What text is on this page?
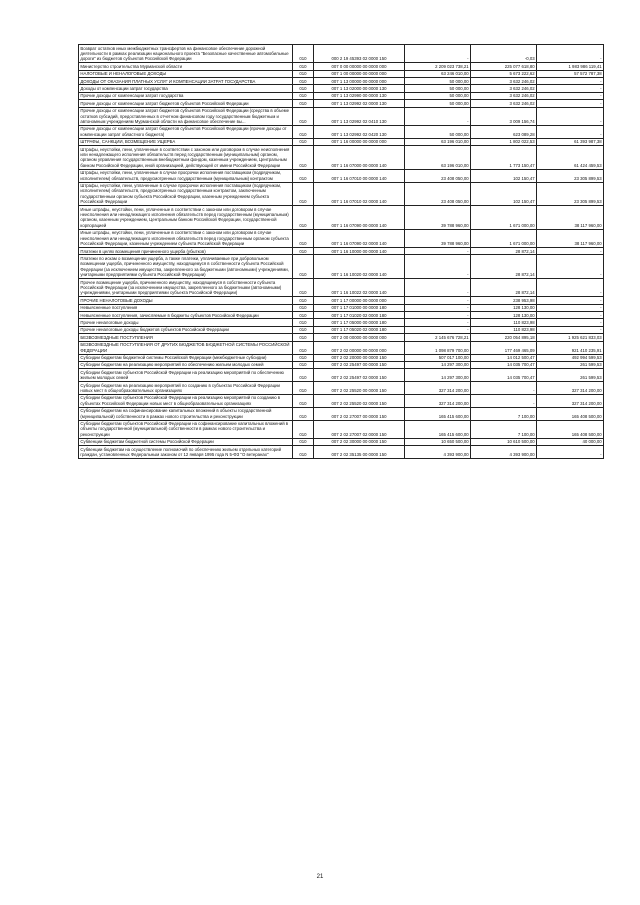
Возврат остатков иных межбюджетных трансфертов на финансовое обеспечение дорожной деятельности в рамках реализации национального проекта "Безопасные качественные автомобильные дороги" из бюджетов субъектов Российской Федерации	010	000 2 19 45393 02 0000 150	-	-0,03	-
Министерство строительства Мурманской области	010	007 0 00 00000 00 0000 000	2 209 023 738,21	225 077 618,80	1 983 986 119,41
НАЛОГОВЫЕ И НЕНАЛОГОВЫЕ ДОХОДЫ	010	007 1 00 00000 00 0000 000	63 246 010,00	5 673 222,62	57 572 787,38
ДОХОДЫ ОТ ОКАЗАНИЯ ПЛАТНЫХ УСЛУГ И КОМПЕНСАЦИИ ЗАТРАТ ГОСУДАРСТВА	010	007 1 13 00000 00 0000 000	50 000,00	3 632 246,02	-
Доходы от компенсации затрат государства	010	007 1 13 02000 00 0000 130	50 000,00	3 632 246,02	-
Прочие доходы от компенсации затрат государства	010	007 1 13 02990 00 0000 130	50 000,00	3 632 246,02	-
Прочие доходы от компенсации затрат бюджетов субъектов Российской Федерации	010	007 1 13 02992 02 0000 130	50 000,00	3 632 246,02	-
Прочие доходы от компенсации затрат бюджетов субъектов Российской Федерации (средства в объеме остатков субсидий, предоставленных в отчетном финансовом году государственным бюджетным и автономным учреждениям Мурманской области на финансовое обеспечение вы...	010	007 1 13 02992 02 0410 130	-	3 009 156,74	-
Прочие доходы от компенсации затрат бюджетов субъектов Российской Федерации (прочие доходы от компенсации затрат областного бюджета)	010	007 1 13 02992 02 0420 130	50 000,00	623 089,28	-
ШТРАФЫ, САНКЦИИ, ВОЗМЕЩЕНИЕ УЩЕРБА	010	007 1 16 00000 00 0000 000	63 196 010,00	1 802 022,53	61 393 987,38
Штрафы, неустойки, пени, уплаченные в соответствии с законом или договором в случае неисполнения или ненадлежащего исполнения обязательств перед государственным (муниципальным) органом, органом управления государственным внебюджетным фондом, казенным учреждением, Центральным банком Российской Федерации, иной организацией, действующей от имени Российской Федерации	010	007 1 16 07000 00 0000 140	63 196 010,00	1 773 150,47	61 424 459,53
Штрафы, неустойки, пени, уплаченные в случае просрочки исполнения поставщиком (подрядчиком, исполнителем) обязательств, предусмотренных государственным (муниципальным) контрактом	010	007 1 16 07010 00 0000 140	23 408 050,00	102 150,47	23 305 899,53
Штрафы, неустойки, пени, уплаченные в случае просрочки исполнения поставщиком (подрядчиком, исполнителем) обязательств, предусмотренных государственным контрактом, заключенным государственным органом субъекта Российской Федерации, казенным учреждением субъекта Российской Федерации	010	007 1 16 07010 02 0000 140	23 408 050,00	102 150,47	23 305 899,53
Иные штрафы, неустойки, пени, уплаченные в соответствии с законом или договором в случае неисполнения или ненадлежащего исполнения обязательств перед государственным (муниципальным) органом, казенным учреждением, Центральным банком Российской Федерации, государственной корпорацией	010	007 1 16 07090 00 0000 140	39 788 960,00	1 671 000,00	38 117 960,00
Иные штрафы, неустойки, пени, уплаченные в соответствии с законом или договором в случае неисполнения или ненадлежащего исполнения обязательств перед государственным органом субъекта Российской Федерации, казенным учреждением субъекта Российской Федерации	010	007 1 16 07090 02 0000 140	39 788 960,00	1 671 000,00	38 117 960,00
Платежи в целях возмещения причиненного ущерба (убытков)	010	007 1 16 10000 00 0000 140	-	28 872,14	-
Платежи по искам о возмещении ущерба, а также платежи, уплачиваемые при добровольном возмещении ущерба, причиненного имуществу, находящемуся в собственности субъекта Российской Федерации (за исключением имущества, закрепленного за бюджетными (автономными) учреждениями, унитарными предприятиями субъекта Российской Федерации)	010	007 1 16 10020 02 0000 140	-	28 872,14	-
Прочее возмещение ущерба, причиненного имуществу, находящемуся в собственности субъекта Российской Федерации (за исключением имущества, закрепленного за бюджетными (автономными) учреждениями, унитарными предприятиями субъекта Российской Федерации)	010	007 1 16 10022 02 0000 140	-	28 872,14	-
ПРОЧИЕ НЕНАЛОГОВЫЕ ДОХОДЫ	010	007 1 17 00000 00 0000 000	-	238 953,98	-
Невыясненные поступления	010	007 1 17 01000 00 0000 180	-	128 130,00	-
Невыясненные поступления, зачисляемые в бюджеты субъектов Российской Федерации	010	007 1 17 01020 02 0000 180	-	128 130,00	-
Прочие неналоговые доходы	010	007 1 17 05000 00 0000 180	-	110 823,98	-
Прочие неналоговые доходы бюджетов субъектов Российской Федерации	010	007 1 17 05020 02 0000 180	-	110 823,98	-
БЕЗВОЗМЕЗДНЫЕ ПОСТУПЛЕНИЯ	010	007 2 00 00000 00 0000 000	2 145 676 728,21	220 054 895,18	1 925 621 833,03
БЕЗВОЗМЕЗДНЫЕ ПОСТУПЛЕНИЯ ОТ ДРУГИХ БЮДЖЕТОВ БЮДЖЕТНОЙ СИСТЕМЫ РОССИЙСКОЙ ФЕДЕРАЦИИ	010	007 2 02 00000 00 0000 000	1 098 879 700,00	177 469 465,09	921 410 235,91
Субсидии бюджетам бюджетной системы Российской Федерации (межбюджетные субсидии)	010	007 2 02 20000 00 0000 150	507 017 100,00	14 012 500,47	492 994 599,53
Субсидии бюджетам на реализацию мероприятий по обеспечению жильем молодых семей	010	007 2 02 25497 00 0000 150	14 297 300,00	14 035 700,47	261 599,53
Субсидии бюджетам субъектов Российской Федерации на реализацию мероприятий по обеспечению жильем молодых семей	010	007 2 02 25497 02 0000 150	14 297 300,00	14 035 700,47	261 599,53
Субсидии бюджетам на реализацию мероприятий по созданию в субъектах Российской Федерации новых мест в общеобразовательных организациях	010	007 2 02 25520 00 0000 150	327 314 200,00	-	327 314 200,00
Субсидии бюджетам субъектов Российской Федерации на реализацию мероприятий по созданию в субъектах Российской Федерации новых мест в общеобразовательных организациях	010	007 2 02 25520 02 0000 150	327 314 200,00	-	327 314 200,00
Субсидии бюджетам на софинансирование капитальных вложений в объекты государственной (муниципальной) собственности в рамках нового строительства и реконструкции	010	007 2 02 27007 00 0000 150	165 415 600,00	7 100,00	165 408 500,00
Субсидии бюджетам субъектов Российской Федерации на софинансирование капитальных вложений в объекты государственной (муниципальной) собственности в рамках нового строительства и реконструкции	010	007 2 02 27007 02 0000 150	165 415 600,00	7 100,00	165 408 500,00
Субвенции бюджетам бюджетной системы Российской Федерации	010	007 2 02 30000 00 0000 150	10 650 500,00	10 610 500,00	40 000,00
Субвенции бюджетам на осуществление полномочий по обеспечению жильем отдельных категорий граждан, установленных Федеральным законом от 12 января 1995 года N 5-ФЗ "О ветеранах"	010	007 2 02 35135 00 0000 150	4 393 900,00	4 393 900,00	-
21
